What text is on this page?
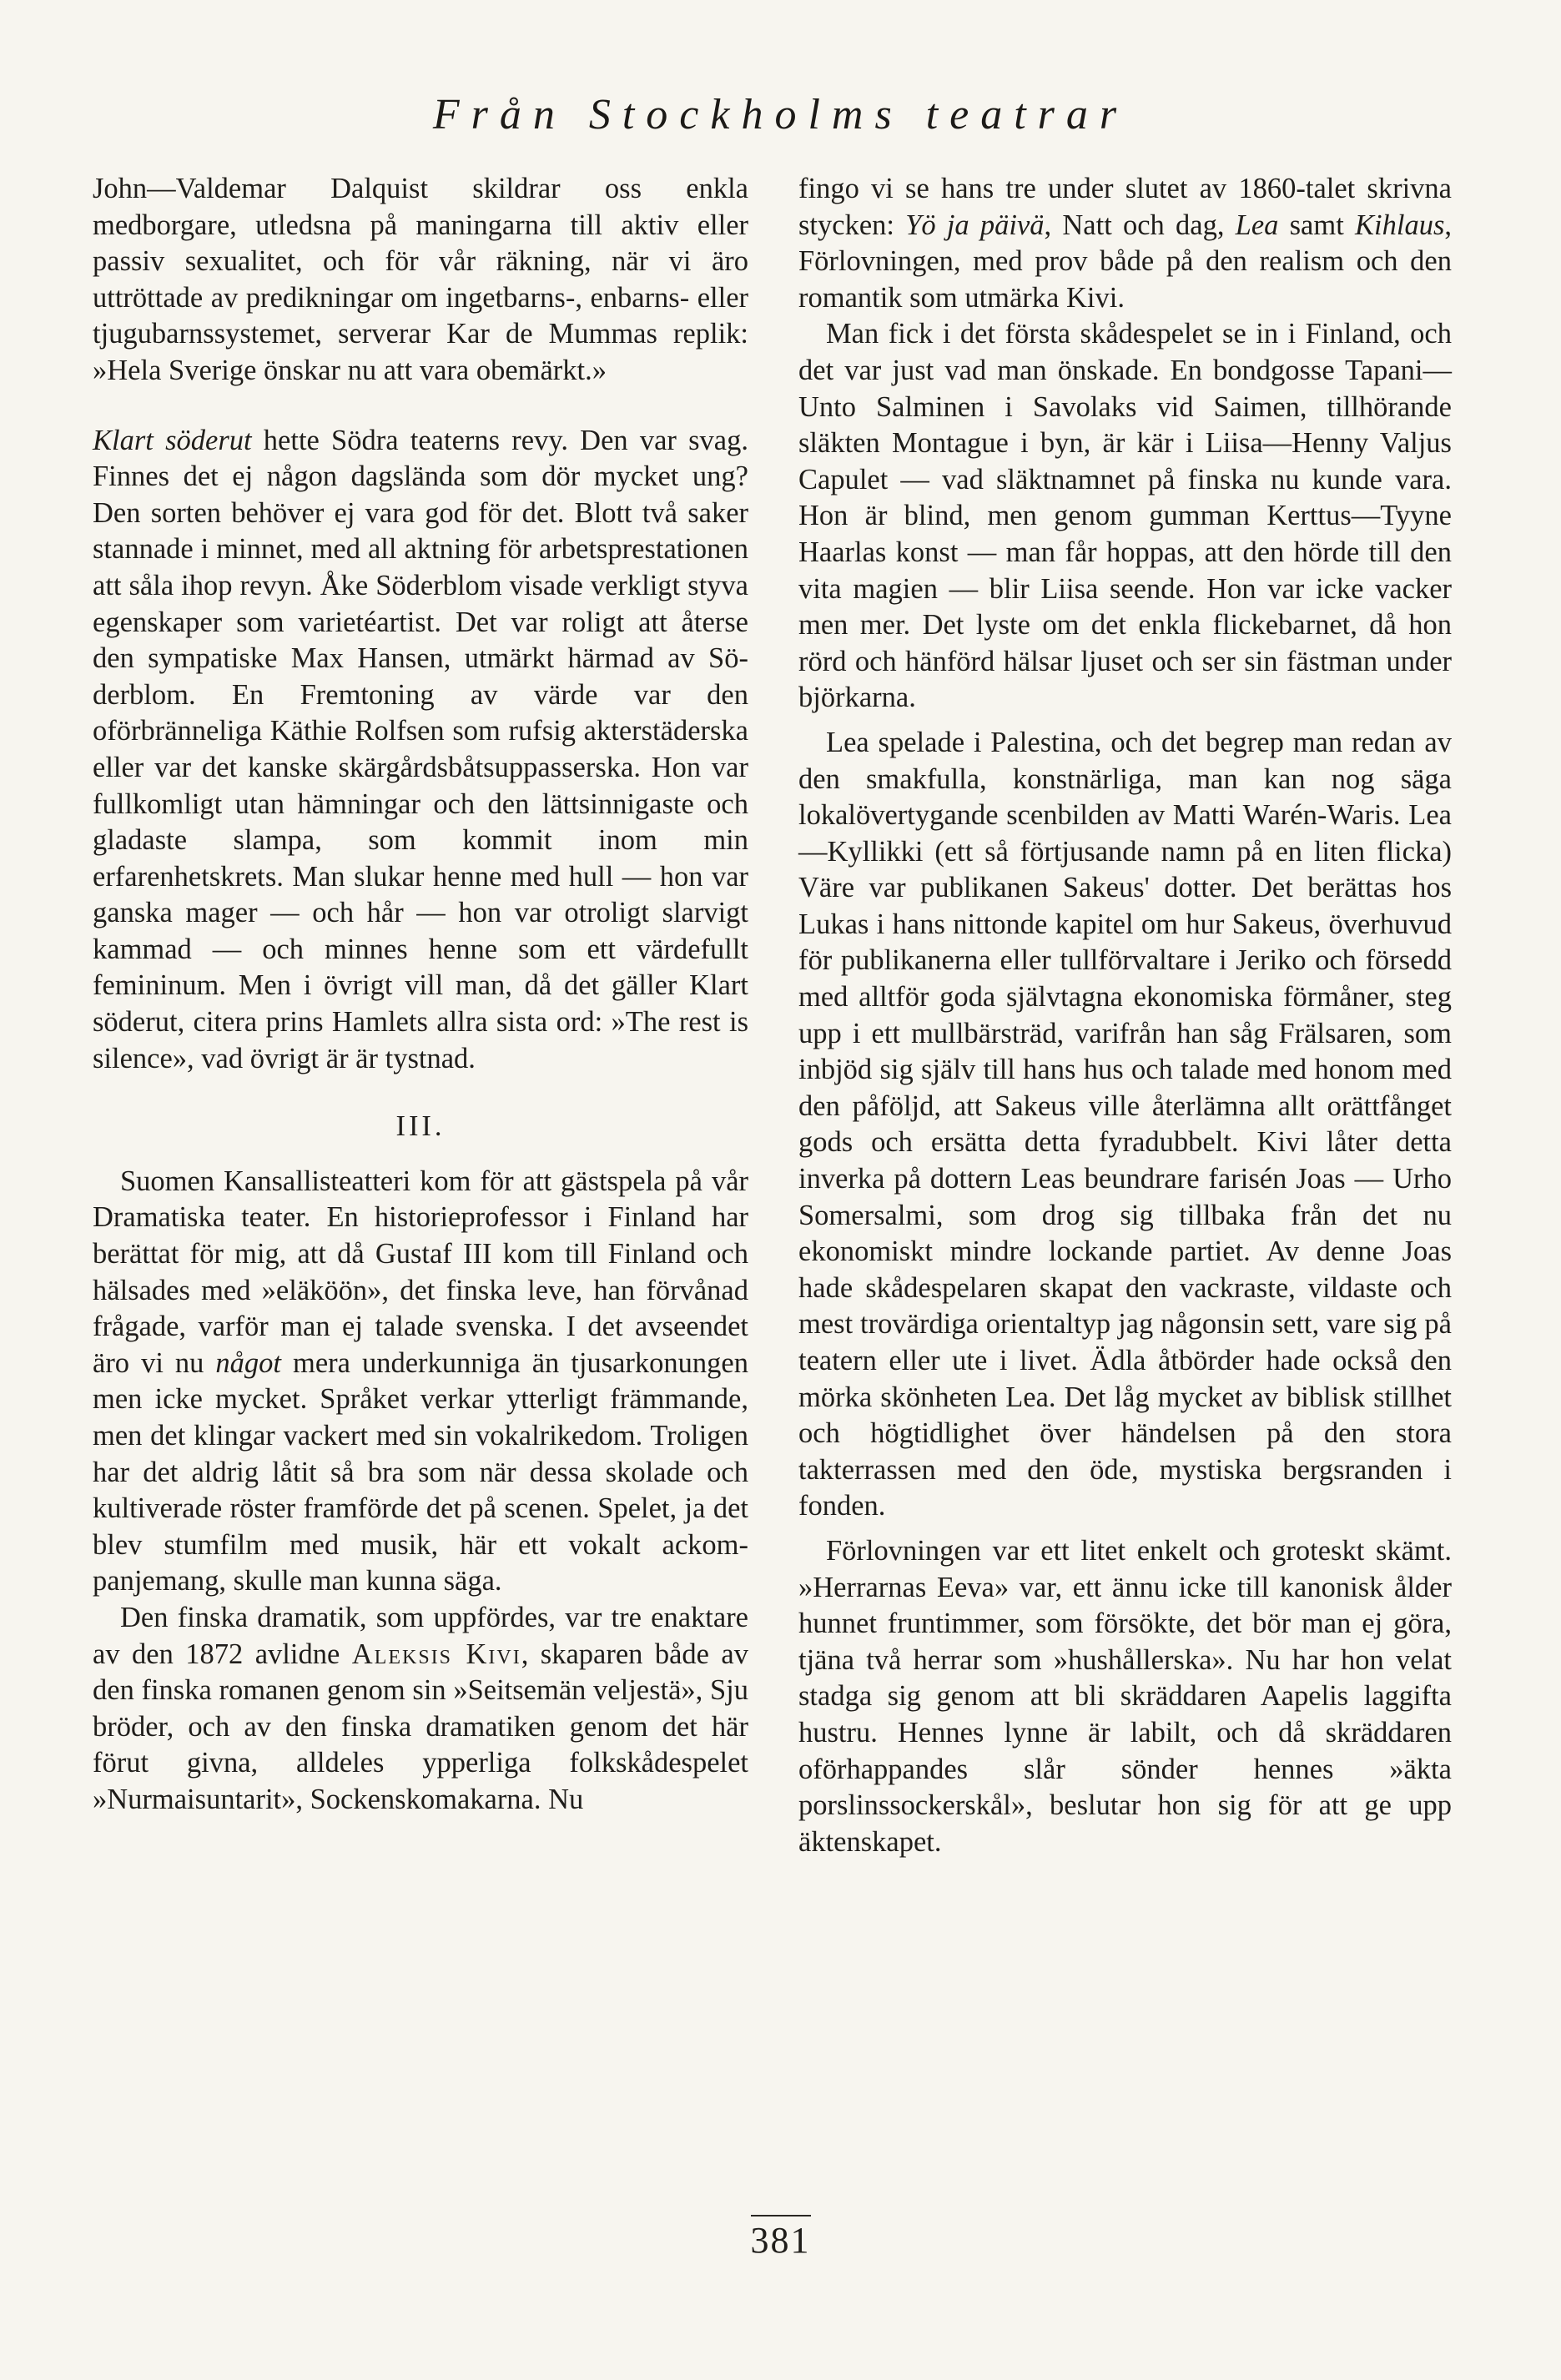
Från Stockholms teatrar

John—Valdemar Dalquist skildrar oss enkla medborgare, utledsna på maningarna till aktiv eller passiv sexualitet, och för vår räkning, när vi äro uttröttade av predikningar om ingetbarns-, enbarns- eller tjugubarnssystemet, serverar Kar de Mummas replik: »Hela Sverige önskar nu att vara obemärkt.»

Klart söderut hette Södra teaterns revy. Den var svag. Finnes det ej någon dagslända som dör mycket ung? Den sorten behöver ej vara god för det. Blott två saker stannade i minnet, med all aktning för arbetsprestationen att såla ihop revyn. Åke Söderblom visade verkligt styva egenskaper som varietéartist. Det var roligt att återse den sympatiske Max Hansen, utmärkt härmad av Söderblom. En Fremtoning av värde var den oförbränneliga Käthie Rolfsen som rufsig akterstäderska eller var det kanske skärgårdsbåtsuppasserska. Hon var fullkomligt utan hämningar och den lättsinnigaste och gladaste slampa, som kommit inom min erfarenhetskrets. Man slukar henne med hull — hon var ganska mager — och hår — hon var otroligt slarvigt kammad — och minnes henne som ett värdefullt femininum. Men i övrigt vill man, då det gäller Klart söderut, citera prins Hamlets allra sista ord: »The rest is silence», vad övrigt är är tystnad.

III.

Suomen Kansallisteatteri kom för att gästspela på vår Dramatiska teater. En historieprofessor i Finland har berättat för mig, att då Gustaf III kom till Finland och hälsades med »eläköön», det finska leve, han förvånad frågade, varför man ej talade svenska. I det avseendet äro vi nu något mera underkunniga än tjusarkonungen men icke mycket. Språket verkar ytterligt främmande, men det klingar vackert med sin vokalrikedom. Troligen har det aldrig låtit så bra som när dessa skolade och kultiverade röster framförde det på scenen. Spelet, ja det blev stumfilm med musik, här ett vokalt ackompanjemang, skulle man kunna säga.

Den finska dramatik, som uppfördes, var tre enaktare av den 1872 avlidne Aleksis Kivi, skaparen både av den finska romanen genom sin »Seitsemän veljestä», Sju bröder, och av den finska dramatiken genom det här förut givna, alldeles ypperliga folkskådespelet »Nurmaisuntarit», Sockenskomakarna. Nu

fingo vi se hans tre under slutet av 1860-talet skrivna stycken: Yö ja päivä, Natt och dag, Lea samt Kihlaus, Förlovningen, med prov både på den realism och den romantik som utmärka Kivi.

Man fick i det första skådespelet se in i Finland, och det var just vad man önskade. En bondgosse Tapani—Unto Salminen i Savolaks vid Saimen, tillhörande släkten Montague i byn, är kär i Liisa—Henny Valjus Capulet — vad släktnamnet på finska nu kunde vara. Hon är blind, men genom gumman Kerttus—Tyyne Haarlas konst — man får hoppas, att den hörde till den vita magien — blir Liisa seende. Hon var icke vacker men mer. Det lyste om det enkla flickebarnet, då hon rörd och hänförd hälsar ljuset och ser sin fästman under björkarna.

Lea spelade i Palestina, och det begrep man redan av den smakfulla, konstnärliga, man kan nog säga lokalövertygande scenbilden av Matti Warén-Waris. Lea—Kyllikki (ett så förtjusande namn på en liten flicka) Väre var publikanen Sakeus' dotter. Det berättas hos Lukas i hans nittonde kapitel om hur Sakeus, överhuvud för publikanerna eller tullförvaltare i Jeriko och försedd med alltför goda självtagna ekonomiska förmåner, steg upp i ett mullbärsträd, varifrån han såg Frälsaren, som inbjöd sig själv till hans hus och talade med honom med den påföljd, att Sakeus ville återlämna allt orättfånget gods och ersätta detta fyradubbelt. Kivi låter detta inverka på dottern Leas beundrare farisén Joas — Urho Somersalmi, som drog sig tillbaka från det nu ekonomiskt mindre lockande partiet. Av denne Joas hade skådespelaren skapat den vackraste, vildaste och mest trovärdiga orientaltyp jag någonsin sett, vare sig på teatern eller ute i livet. Ädla åtbörder hade också den mörka skönheten Lea. Det låg mycket av biblisk stillhet och högtidlighet över händelsen på den stora takterrassen med den öde, mystiska bergsranden i fonden.

Förlovningen var ett litet enkelt och groteskt skämt. »Herrarnas Eeva» var, ett ännu icke till kanonisk ålder hunnet fruntimmer, som försökte, det bör man ej göra, tjäna två herrar som »hushållerska». Nu har hon velat stadga sig genom att bli skräddaren Aapelis laggifta hustru. Hennes lynne är labilt, och då skräddaren oförhappandes slår sönder hennes »äkta porslinssockerskål», beslutar hon sig för att ge upp äktenskapet.

381
